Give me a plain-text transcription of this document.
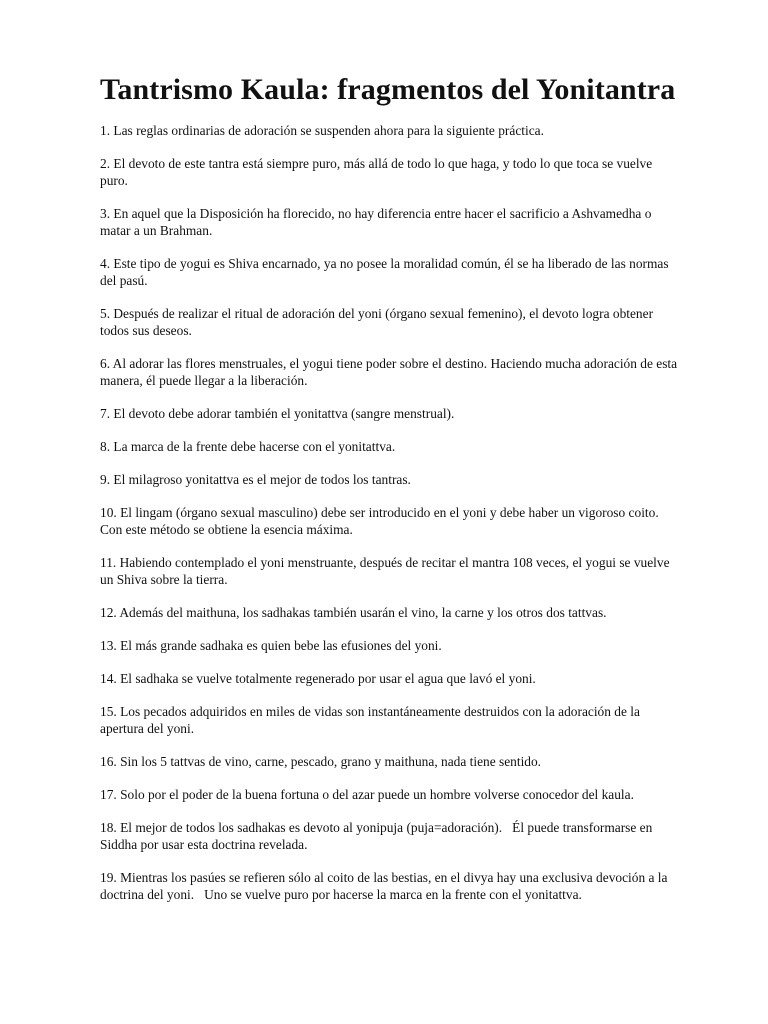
Tantrismo Kaula: fragmentos del Yonitantra

1. Las reglas ordinarias de adoración se suspenden ahora para la siguiente práctica.

2. El devoto de este tantra está siempre puro, más allá de todo lo que haga, y todo lo que toca se vuelve puro.

3. En aquel que la Disposición ha florecido, no hay diferencia entre hacer el sacrificio a Ashvamedha o matar a un Brahman.

4. Este tipo de yogui es Shiva encarnado, ya no posee la moralidad común, él se ha liberado de las normas del pasú.

5. Después de realizar el ritual de adoración del yoni (órgano sexual femenino), el devoto logra obtener todos sus deseos.

6. Al adorar las flores menstruales, el yogui tiene poder sobre el destino. Haciendo mucha adoración de esta manera, él puede llegar a la liberación.

7. El devoto debe adorar también el yonitattva (sangre menstrual).

8. La marca de la frente debe hacerse con el yonitattva.

9. El milagroso yonitattva es el mejor de todos los tantras.

10. El lingam (órgano sexual masculino) debe ser introducido en el yoni y debe haber un vigoroso coito. Con este método se obtiene la esencia máxima.

11. Habiendo contemplado el yoni menstruante, después de recitar el mantra 108 veces, el yogui se vuelve un Shiva sobre la tierra.

12. Además del maithuna, los sadhakas también usarán el vino, la carne y los otros dos tattvas.

13. El más grande sadhaka es quien bebe las efusiones del yoni.

14. El sadhaka se vuelve totalmente regenerado por usar el agua que lavó el yoni.

15. Los pecados adquiridos en miles de vidas son instantáneamente destruidos con la adoración de la apertura del yoni.

16. Sin los 5 tattvas de vino, carne, pescado, grano y maithuna, nada tiene sentido.

17. Solo por el poder de la buena fortuna o del azar puede un hombre volverse conocedor del kaula.

18. El mejor de todos los sadhakas es devoto al yonipuja (puja=adoración).   Él puede transformarse en Siddha por usar esta doctrina revelada.

19. Mientras los pasúes se refieren sólo al coito de las bestias, en el divya hay una exclusiva devoción a la doctrina del yoni.   Uno se vuelve puro por hacerse la marca en la frente con el yonitattva.
